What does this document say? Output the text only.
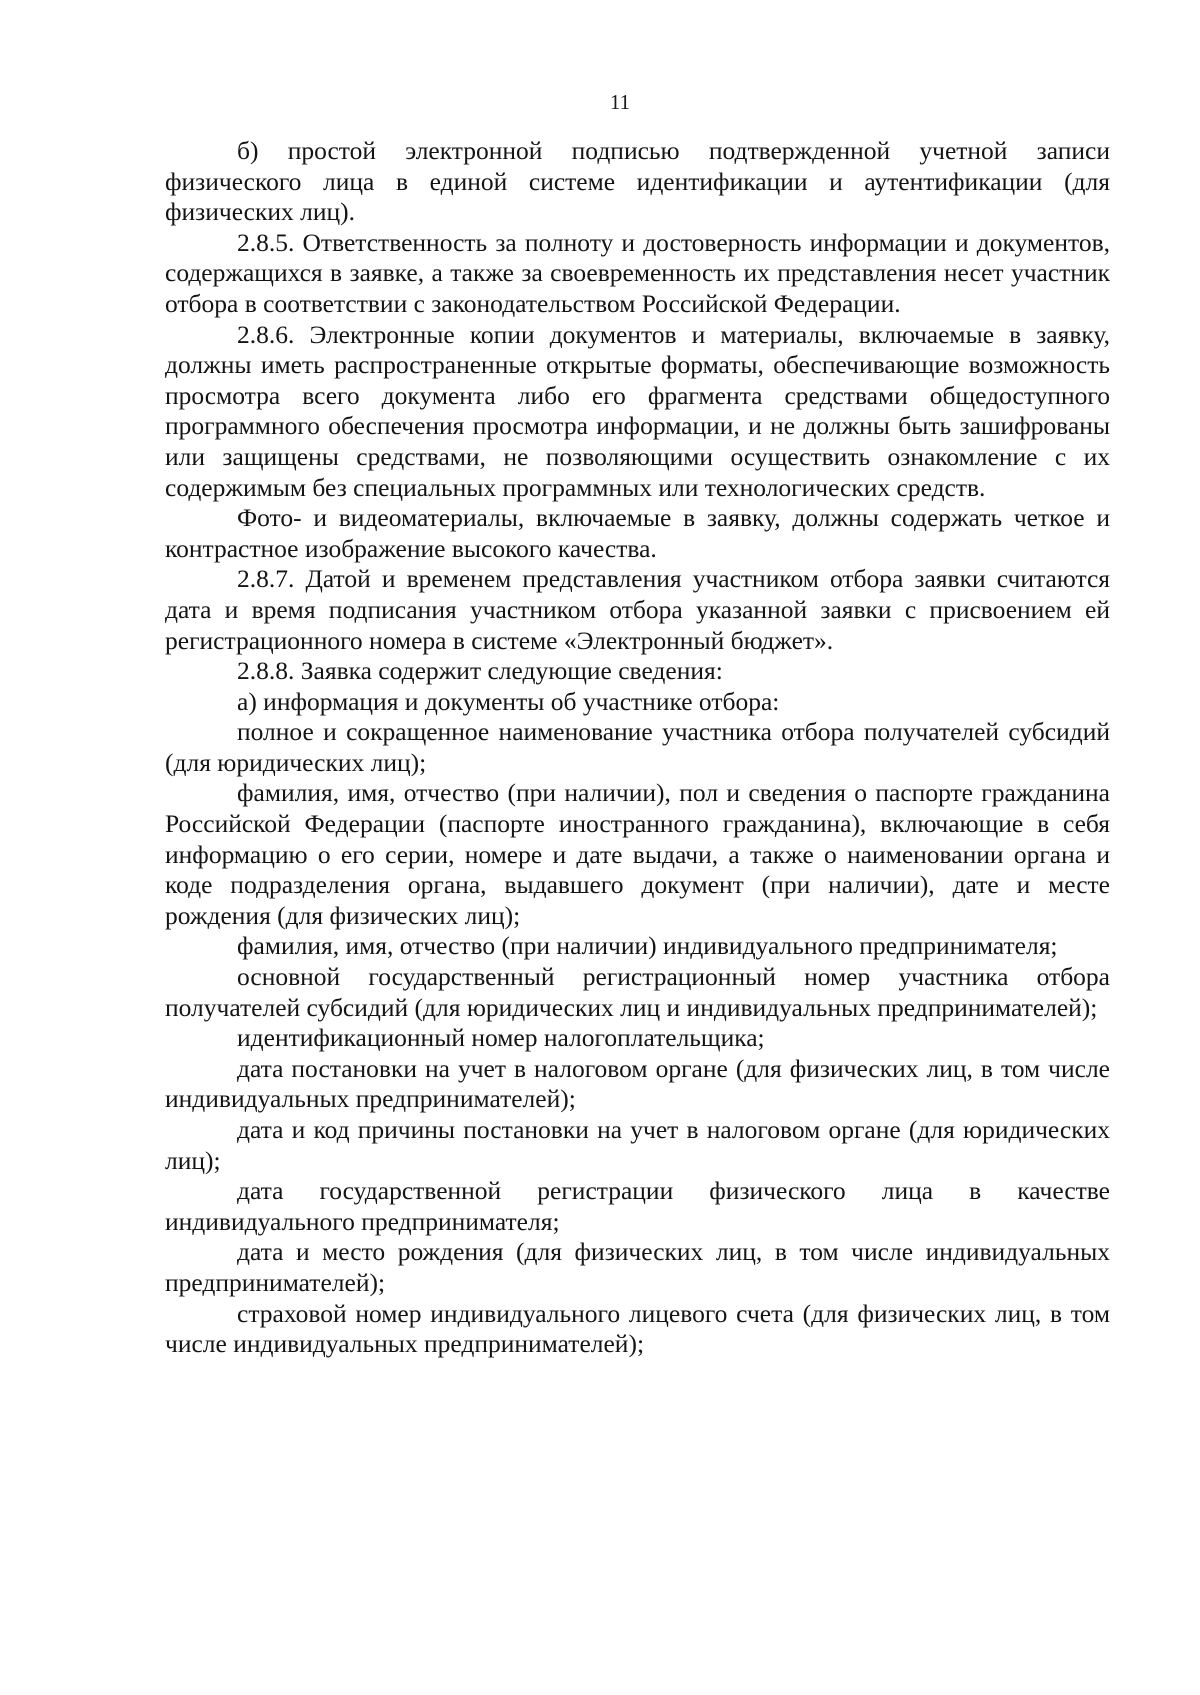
11

б) простой электронной подписью подтвержденной учетной записи физического лица в единой системе идентификации и аутентификации (для физических лиц).

2.8.5. Ответственность за полноту и достоверность информации и документов, содержащихся в заявке, а также за своевременность их представления несет участник отбора в соответствии с законодательством Российской Федерации.

2.8.6. Электронные копии документов и материалы, включаемые в заявку, должны иметь распространенные открытые форматы, обеспечивающие возможность просмотра всего документа либо его фрагмента средствами общедоступного программного обеспечения просмотра информации, и не должны быть зашифрованы или защищены средствами, не позволяющими осуществить ознакомление с их содержимым без специальных программных или технологических средств.

Фото- и видеоматериалы, включаемые в заявку, должны содержать четкое и контрастное изображение высокого качества.

2.8.7. Датой и временем представления участником отбора заявки считаются дата и время подписания участником отбора указанной заявки с присвоением ей регистрационного номера в системе «Электронный бюджет».

2.8.8. Заявка содержит следующие сведения:

а) информация и документы об участнике отбора:

полное и сокращенное наименование участника отбора получателей субсидий (для юридических лиц);

фамилия, имя, отчество (при наличии), пол и сведения о паспорте гражданина Российской Федерации (паспорте иностранного гражданина), включающие в себя информацию о его серии, номере и дате выдачи, а также о наименовании органа и коде подразделения органа, выдавшего документ (при наличии), дате и месте рождения (для физических лиц);

фамилия, имя, отчество (при наличии) индивидуального предпринимателя;

основной государственный регистрационный номер участника отбора получателей субсидий (для юридических лиц и индивидуальных предпринимателей);

идентификационный номер налогоплательщика;

дата постановки на учет в налоговом органе (для физических лиц, в том числе индивидуальных предпринимателей);

дата и код причины постановки на учет в налоговом органе (для юридических лиц);

дата государственной регистрации физического лица в качестве индивидуального предпринимателя;

дата и место рождения (для физических лиц, в том числе индивидуальных предпринимателей);

страховой номер индивидуального лицевого счета (для физических лиц, в том числе индивидуальных предпринимателей);
